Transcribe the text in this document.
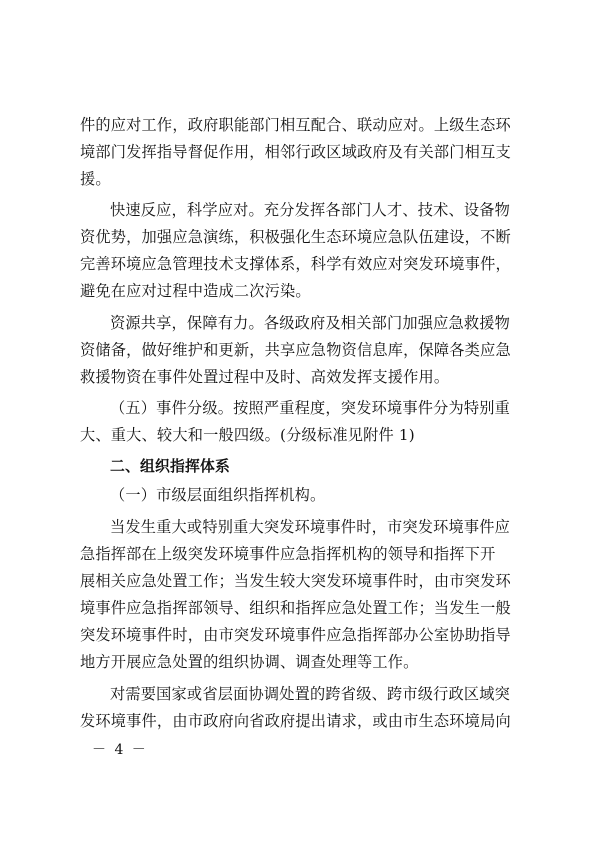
件的应对工作，政府职能部门相互配合、联动应对。上级生态环
境部门发挥指导督促作用，相邻行政区域政府及有关部门相互支
援。
快速反应，科学应对。充分发挥各部门人才、技术、设备物
资优势，加强应急演练，积极强化生态环境应急队伍建设，不断
完善环境应急管理技术支撑体系，科学有效应对突发环境事件，
避免在应对过程中造成二次污染。
资源共享，保障有力。各级政府及相关部门加强应急救援物
资储备，做好维护和更新，共享应急物资信息库，保障各类应急
救援物资在事件处置过程中及时、高效发挥支援作用。
（五）事件分级。按照严重程度，突发环境事件分为特别重
大、重大、较大和一般四级。(分级标准见附件 1)
二、组织指挥体系
（一）市级层面组织指挥机构。
当发生重大或特别重大突发环境事件时，市突发环境事件应
急指挥部在上级突发环境事件应急指挥机构的领导和指挥下开
展相关应急处置工作；当发生较大突发环境事件时，由市突发环
境事件应急指挥部领导、组织和指挥应急处置工作；当发生一般
突发环境事件时，由市突发环境事件应急指挥部办公室协助指导
地方开展应急处置的组织协调、调查处理等工作。
对需要国家或省层面协调处置的跨省级、跨市级行政区域突
发环境事件，由市政府向省政府提出请求，或由市生态环境局向
－ 4 －
